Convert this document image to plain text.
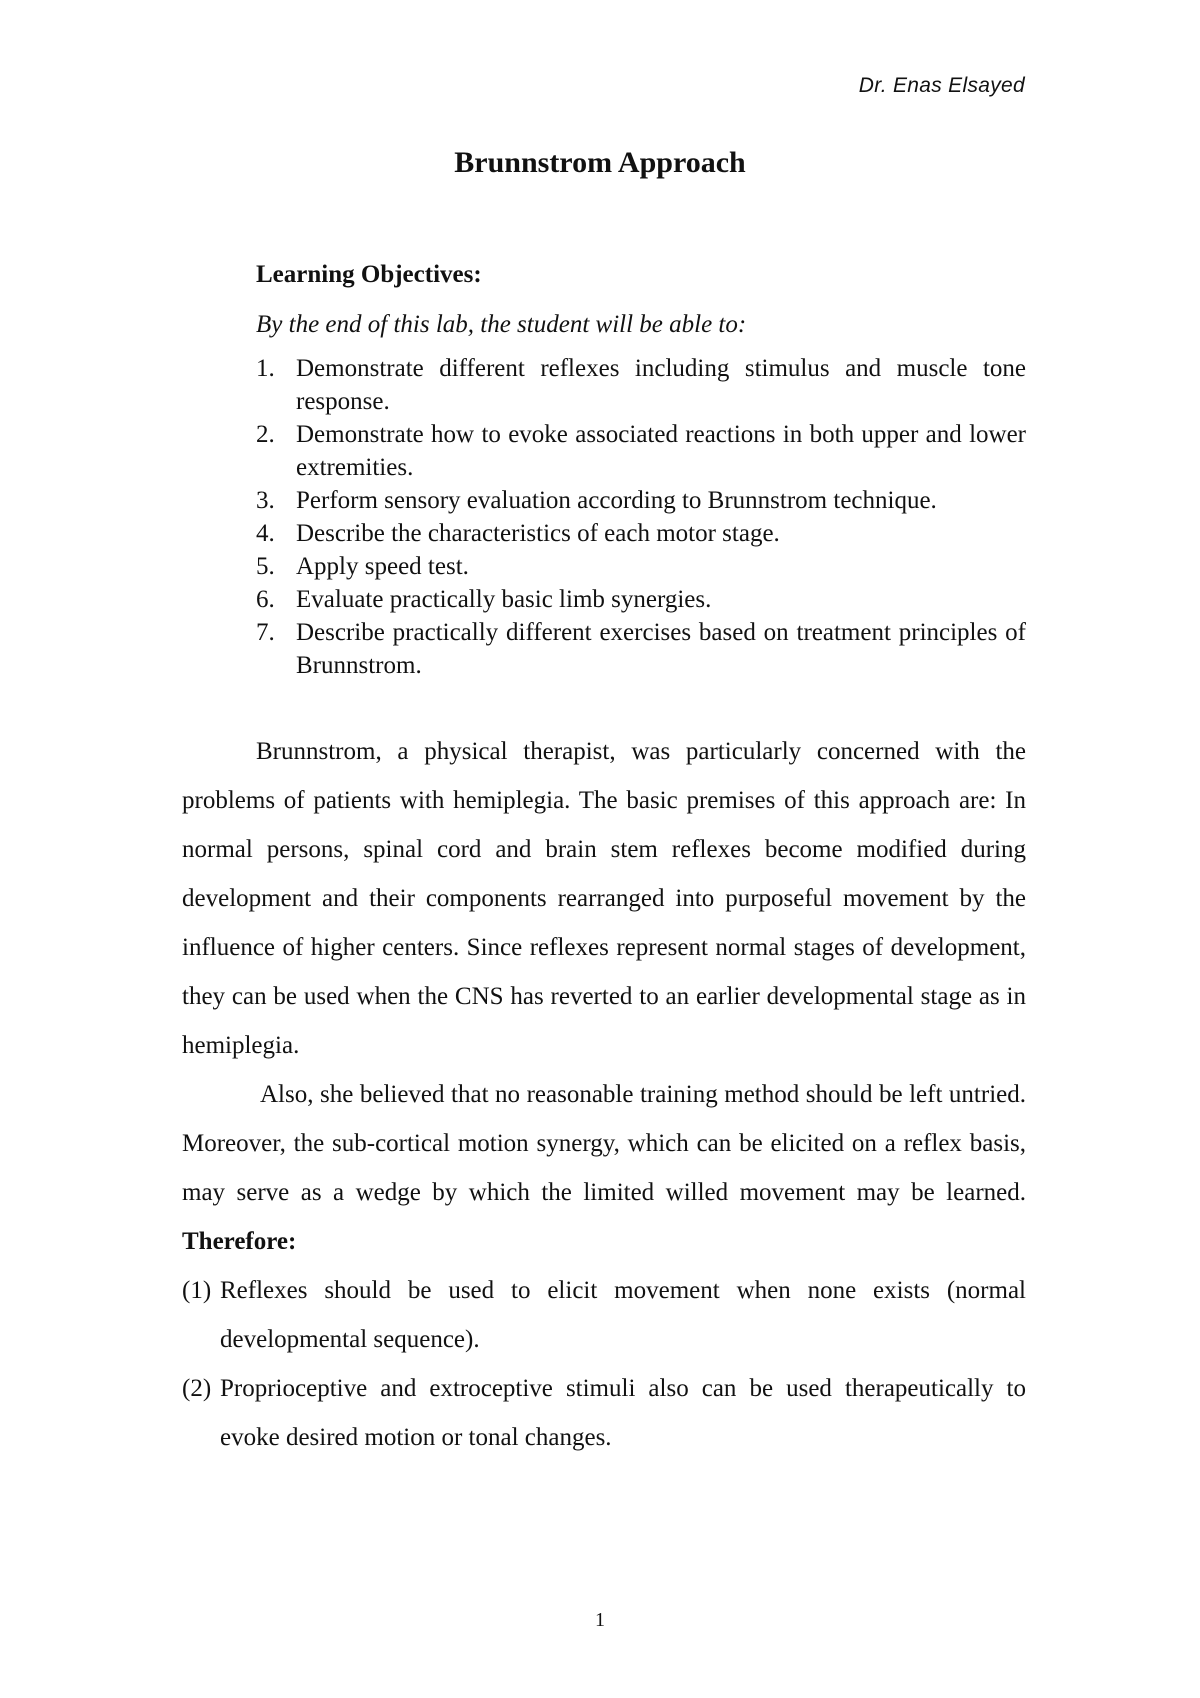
Dr. Enas Elsayed
Brunnstrom Approach
Learning Objectives:
By the end of this lab, the student will be able to:
1. Demonstrate different reflexes including stimulus and muscle tone response.
2. Demonstrate how to evoke associated reactions in both upper and lower extremities.
3. Perform sensory evaluation according to Brunnstrom technique.
4. Describe the characteristics of each motor stage.
5. Apply speed test.
6. Evaluate practically basic limb synergies.
7. Describe practically different exercises based on treatment principles of Brunnstrom.

Brunnstrom, a physical therapist, was particularly concerned with the problems of patients with hemiplegia. The basic premises of this approach are: In normal persons, spinal cord and brain stem reflexes become modified during development and their components rearranged into purposeful movement by the influence of higher centers. Since reflexes represent normal stages of development, they can be used when the CNS has reverted to an earlier developmental stage as in hemiplegia.

Also, she believed that no reasonable training method should be left untried. Moreover, the sub-cortical motion synergy, which can be elicited on a reflex basis, may serve as a wedge by which the limited willed movement may be learned. Therefore:

(1) Reflexes should be used to elicit movement when none exists (normal developmental sequence).

(2) Proprioceptive and extroceptive stimuli also can be used therapeutically to evoke desired motion or tonal changes.

1
